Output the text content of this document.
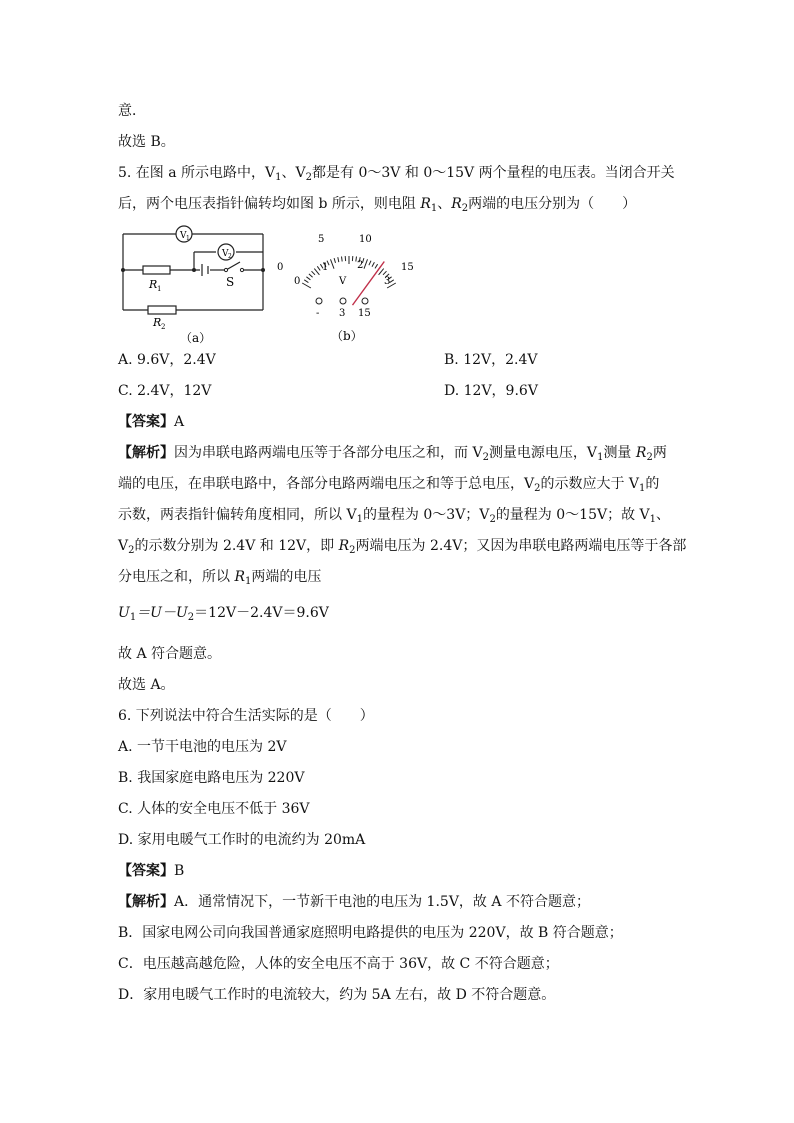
意．
故选 B。
5. 在图 a 所示电路中，$V_1$、$V_2$都是有 0～3V 和 0～15V 两个量程的电压表。当闭合开关
后，两个电压表指针偏转均如图 b 所示，则电阻 $R_1$、$R_2$两端的电压分别为（　　）
V 1
V 2
R 1
R 2
S
（a）
0
5	10
15
0
1	2
3
V
- 3 15
（b）
A. 9.6V，2.4V	B. 12V，2.4V
C. 2.4V，12V	D. 12V，9.6V
【答案】A
【解析】因为串联电路两端电压等于各部分电压之和，而 $V_2$测量电源电压，$V_1$测量 $R_2$两
端的电压，在串联电路中，各部分电路两端电压之和等于总电压，$V_2$的示数应大于 $V_1$的
示数，两表指针偏转角度相同，所以 $V_1$的量程为 0～3V；$V_2$的量程为 0～15V；故 $V_1$、
$V_2$的示数分别为 2.4V 和 12V，即 $R_2$两端电压为 2.4V；又因为串联电路两端电压等于各部
分电压之和，所以 $R_1$两端的电压
$U_1=U-U_2=12V-2.4V=9.6V$
故 A 符合题意。
故选 A。
6. 下列说法中符合生活实际的是（　　）
A. 一节干电池的电压为 2V
B. 我国家庭电路电压为 220V
C. 人体的安全电压不低于 36V
D. 家用电暖气工作时的电流约为 20mA
【答案】B
【解析】A．通常情况下，一节新干电池的电压为 1.5V，故 A 不符合题意；
B．国家电网公司向我国普通家庭照明电路提供的电压为 220V，故 B 符合题意；
C．电压越高越危险，人体的安全电压不高于 36V，故 C 不符合题意；
D．家用电暖气工作时的电流较大，约为 5A 左右，故 D 不符合题意。
